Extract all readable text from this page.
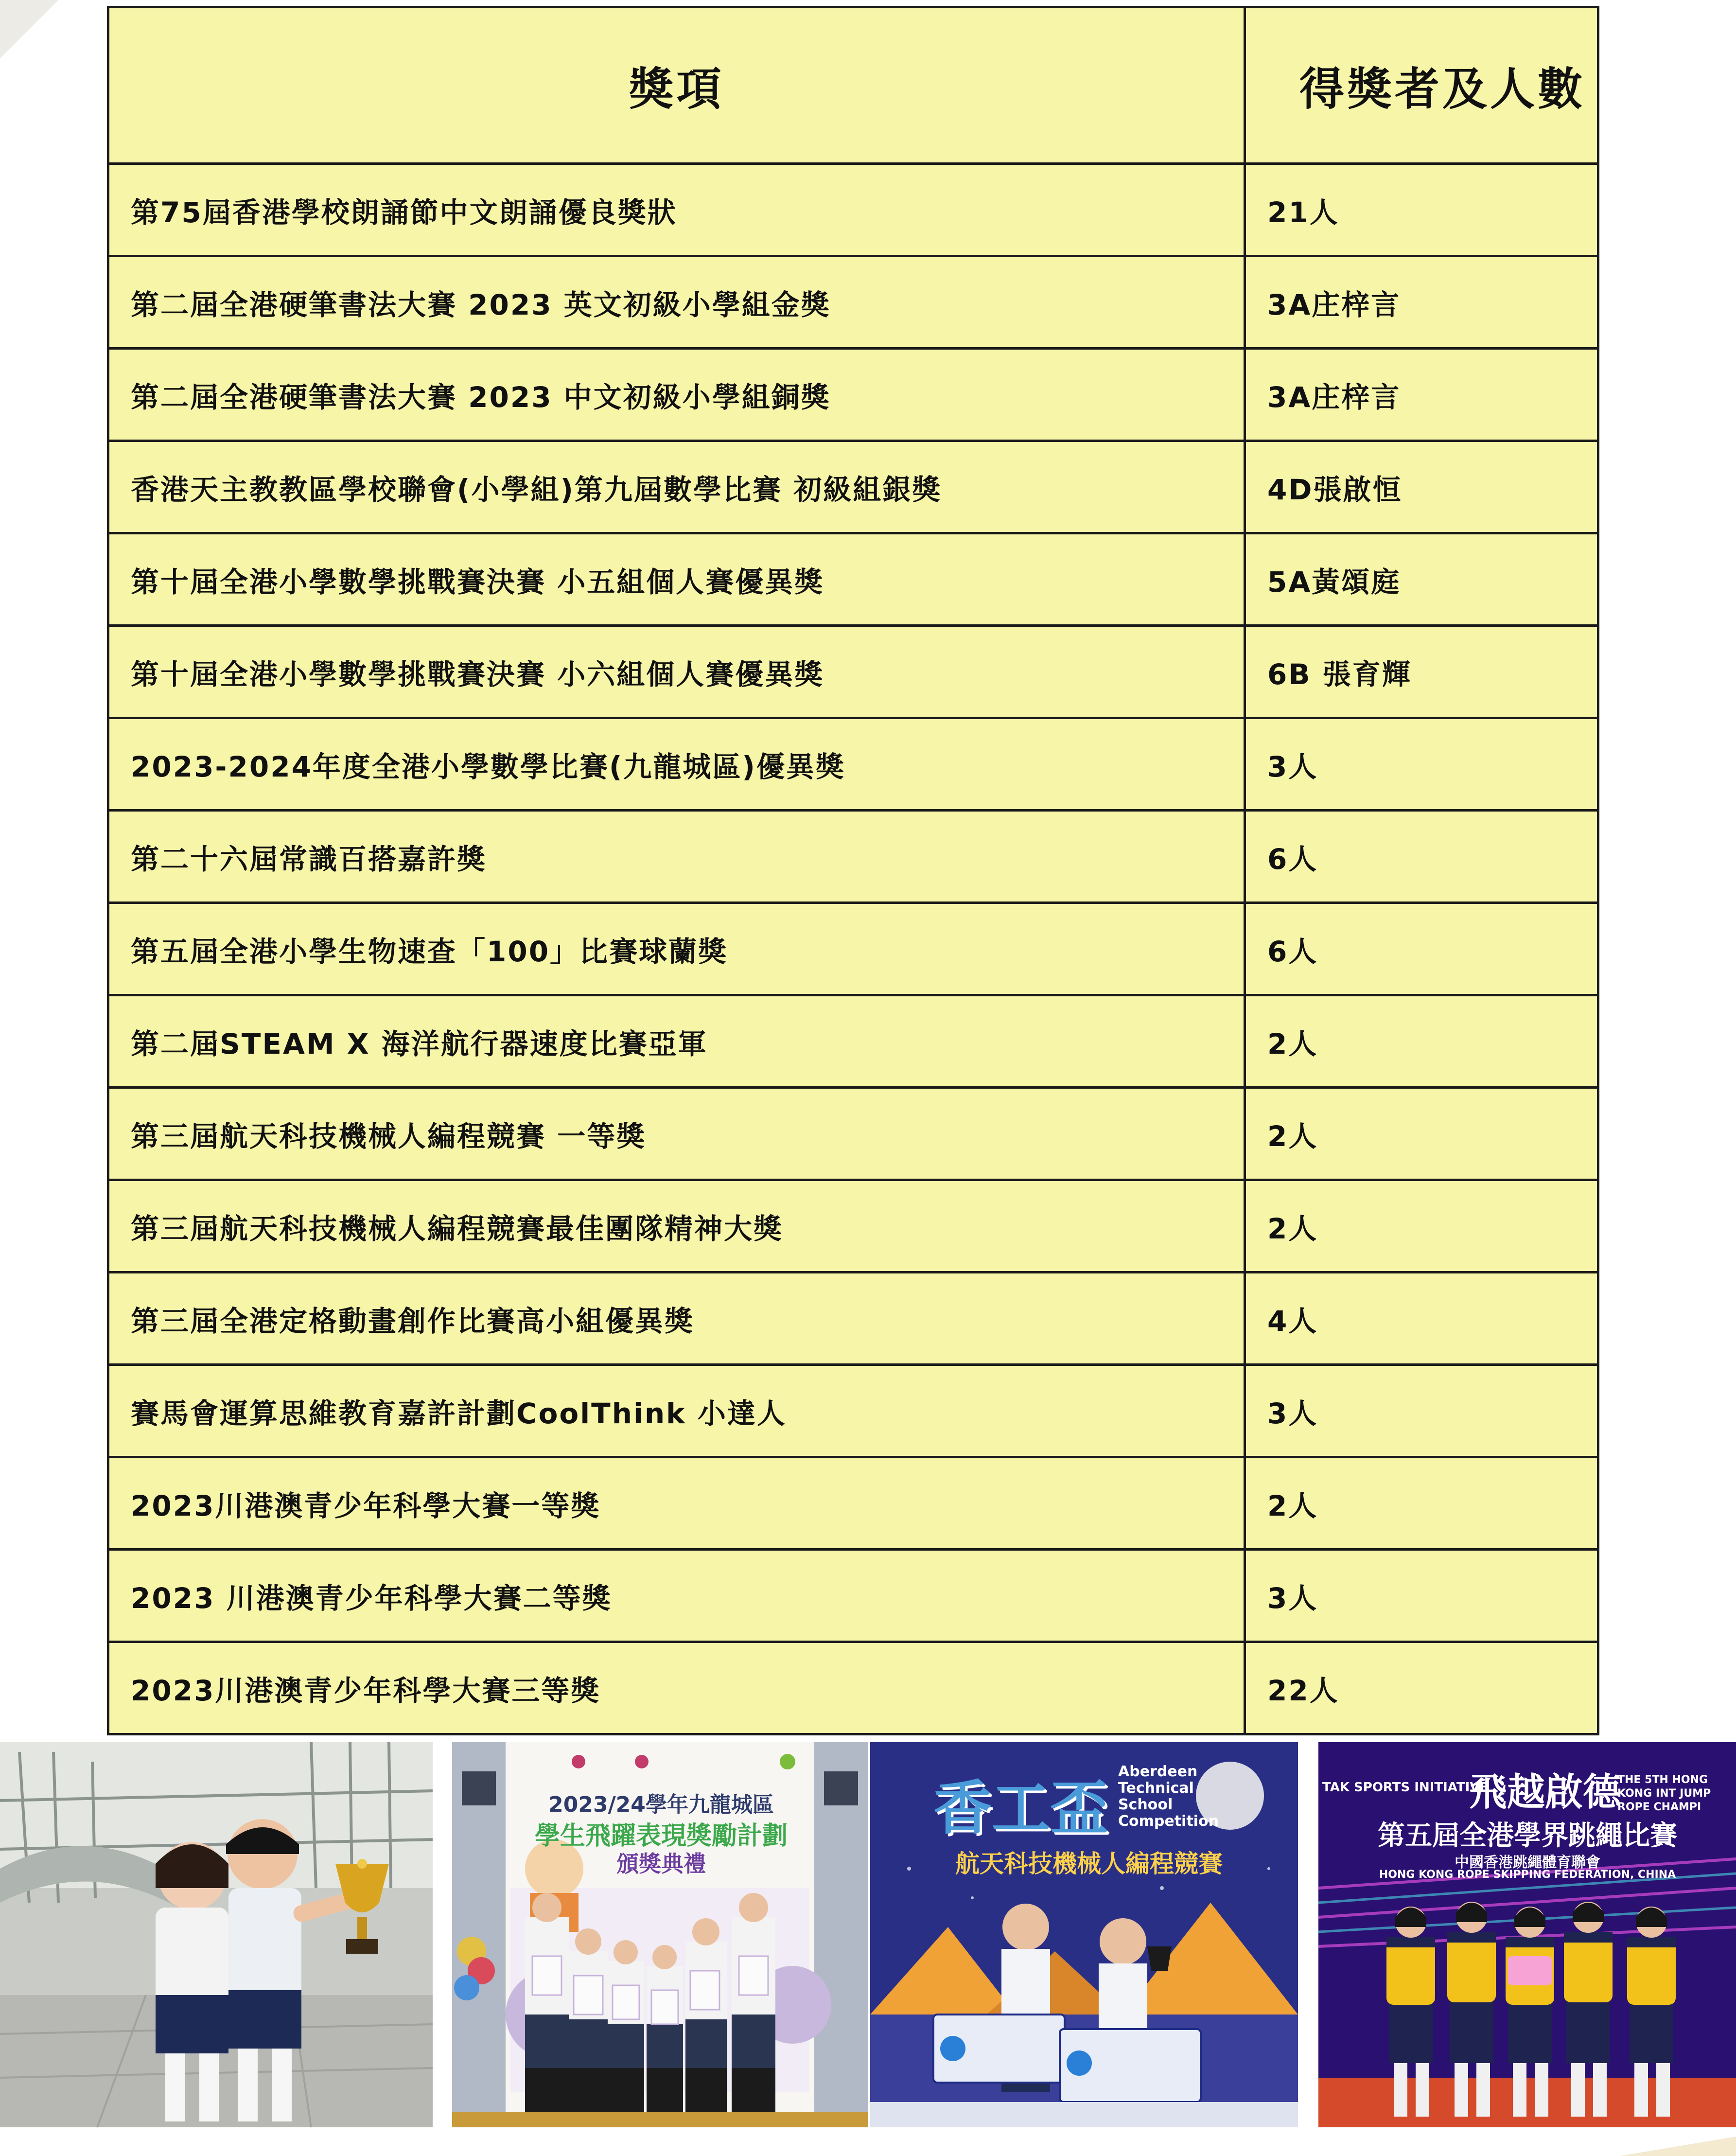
獎項	得獎者及人數
第75屆香港學校朗誦節中文朗誦優良獎狀	21人
第二屆全港硬筆書法大賽 2023 英文初級小學組金獎	3A庄梓言
第二屆全港硬筆書法大賽 2023 中文初級小學組銅獎	3A庄梓言
香港天主教教區學校聯會(小學組)第九屆數學比賽 初級組銀獎	4D張啟恒
第十屆全港小學數學挑戰賽決賽 小五組個人賽優異獎	5A黃頌庭
第十屆全港小學數學挑戰賽決賽 小六組個人賽優異獎	6B 張育輝
2023-2024年度全港小學數學比賽(九龍城區)優異獎	3人
第二十六屆常識百搭嘉許獎	6人
第五屆全港小學生物速查「100」比賽球蘭獎	6人
第二屆STEAM X 海洋航行器速度比賽亞軍	2人
第三屆航天科技機械人編程競賽 一等獎	2人
第三屆航天科技機械人編程競賽最佳團隊精神大獎	2人
第三屆全港定格動畫創作比賽高小組優異獎	4人
賽馬會運算思維教育嘉許計劃CoolThink 小達人	3人
2023川港澳青少年科學大賽一等獎	2人
2023 川港澳青少年科學大賽二等獎	3人
2023川港澳青少年科學大賽三等獎	22人
2023/24學年九龍城區
學生飛躍表現獎勵計劃
頒獎典禮
香工盃
Aberdeen
Technical
School
Competition
航天科技機械人編程競賽
TAK SPORTS INITIATIVE
飛越啟德
THE 5TH HONG KONG INT JUMP ROPE CHAMPI
第五屆全港學界跳繩比賽
中國香港跳繩體育聯會
HONG KONG ROPE SKIPPING FEDERATION, CHINA
